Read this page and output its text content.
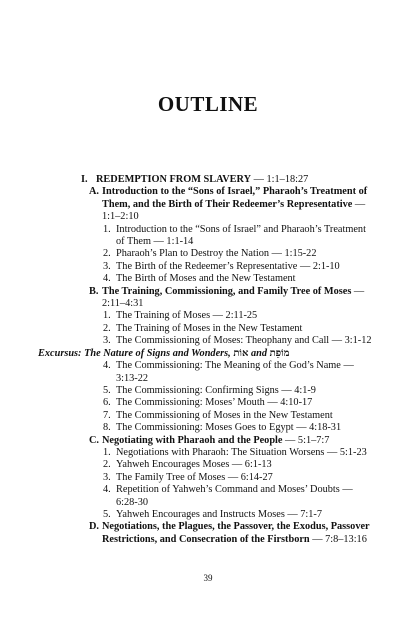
OUTLINE
I. REDEMPTION FROM SLAVERY — 1:1–18:27
A. Introduction to the “Sons of Israel,” Pharaoh’s Treatment of Them, and the Birth of Their Redeemer’s Representative — 1:1–2:10
1. Introduction to the “Sons of Israel” and Pharaoh’s Treatment of Them — 1:1-14
2. Pharaoh’s Plan to Destroy the Nation — 1:15-22
3. The Birth of the Redeemer’s Representative — 2:1-10
4. The Birth of Moses and the New Testament
B. The Training, Commissioning, and Family Tree of Moses — 2:11–4:31
1. The Training of Moses — 2:11-25
2. The Training of Moses in the New Testament
3. The Commissioning of Moses: Theophany and Call — 3:1-12
Excursus: The Nature of Signs and Wonders, אוֹת and מוֹפֵת
4. The Commissioning: The Meaning of the God’s Name — 3:13-22
5. The Commissioning: Confirming Signs — 4:1-9
6. The Commissioning: Moses’ Mouth — 4:10-17
7. The Commissioning of Moses in the New Testament
8. The Commissioning: Moses Goes to Egypt — 4:18-31
C. Negotiating with Pharaoh and the People — 5:1–7:7
1. Negotiations with Pharaoh: The Situation Worsens — 5:1-23
2. Yahweh Encourages Moses — 6:1-13
3. The Family Tree of Moses — 6:14-27
4. Repetition of Yahweh’s Command and Moses’ Doubts — 6:28-30
5. Yahweh Encourages and Instructs Moses — 7:1-7
D. Negotiations, the Plagues, the Passover, the Exodus, Passover Restrictions, and Consecration of the Firstborn — 7:8–13:16
39
